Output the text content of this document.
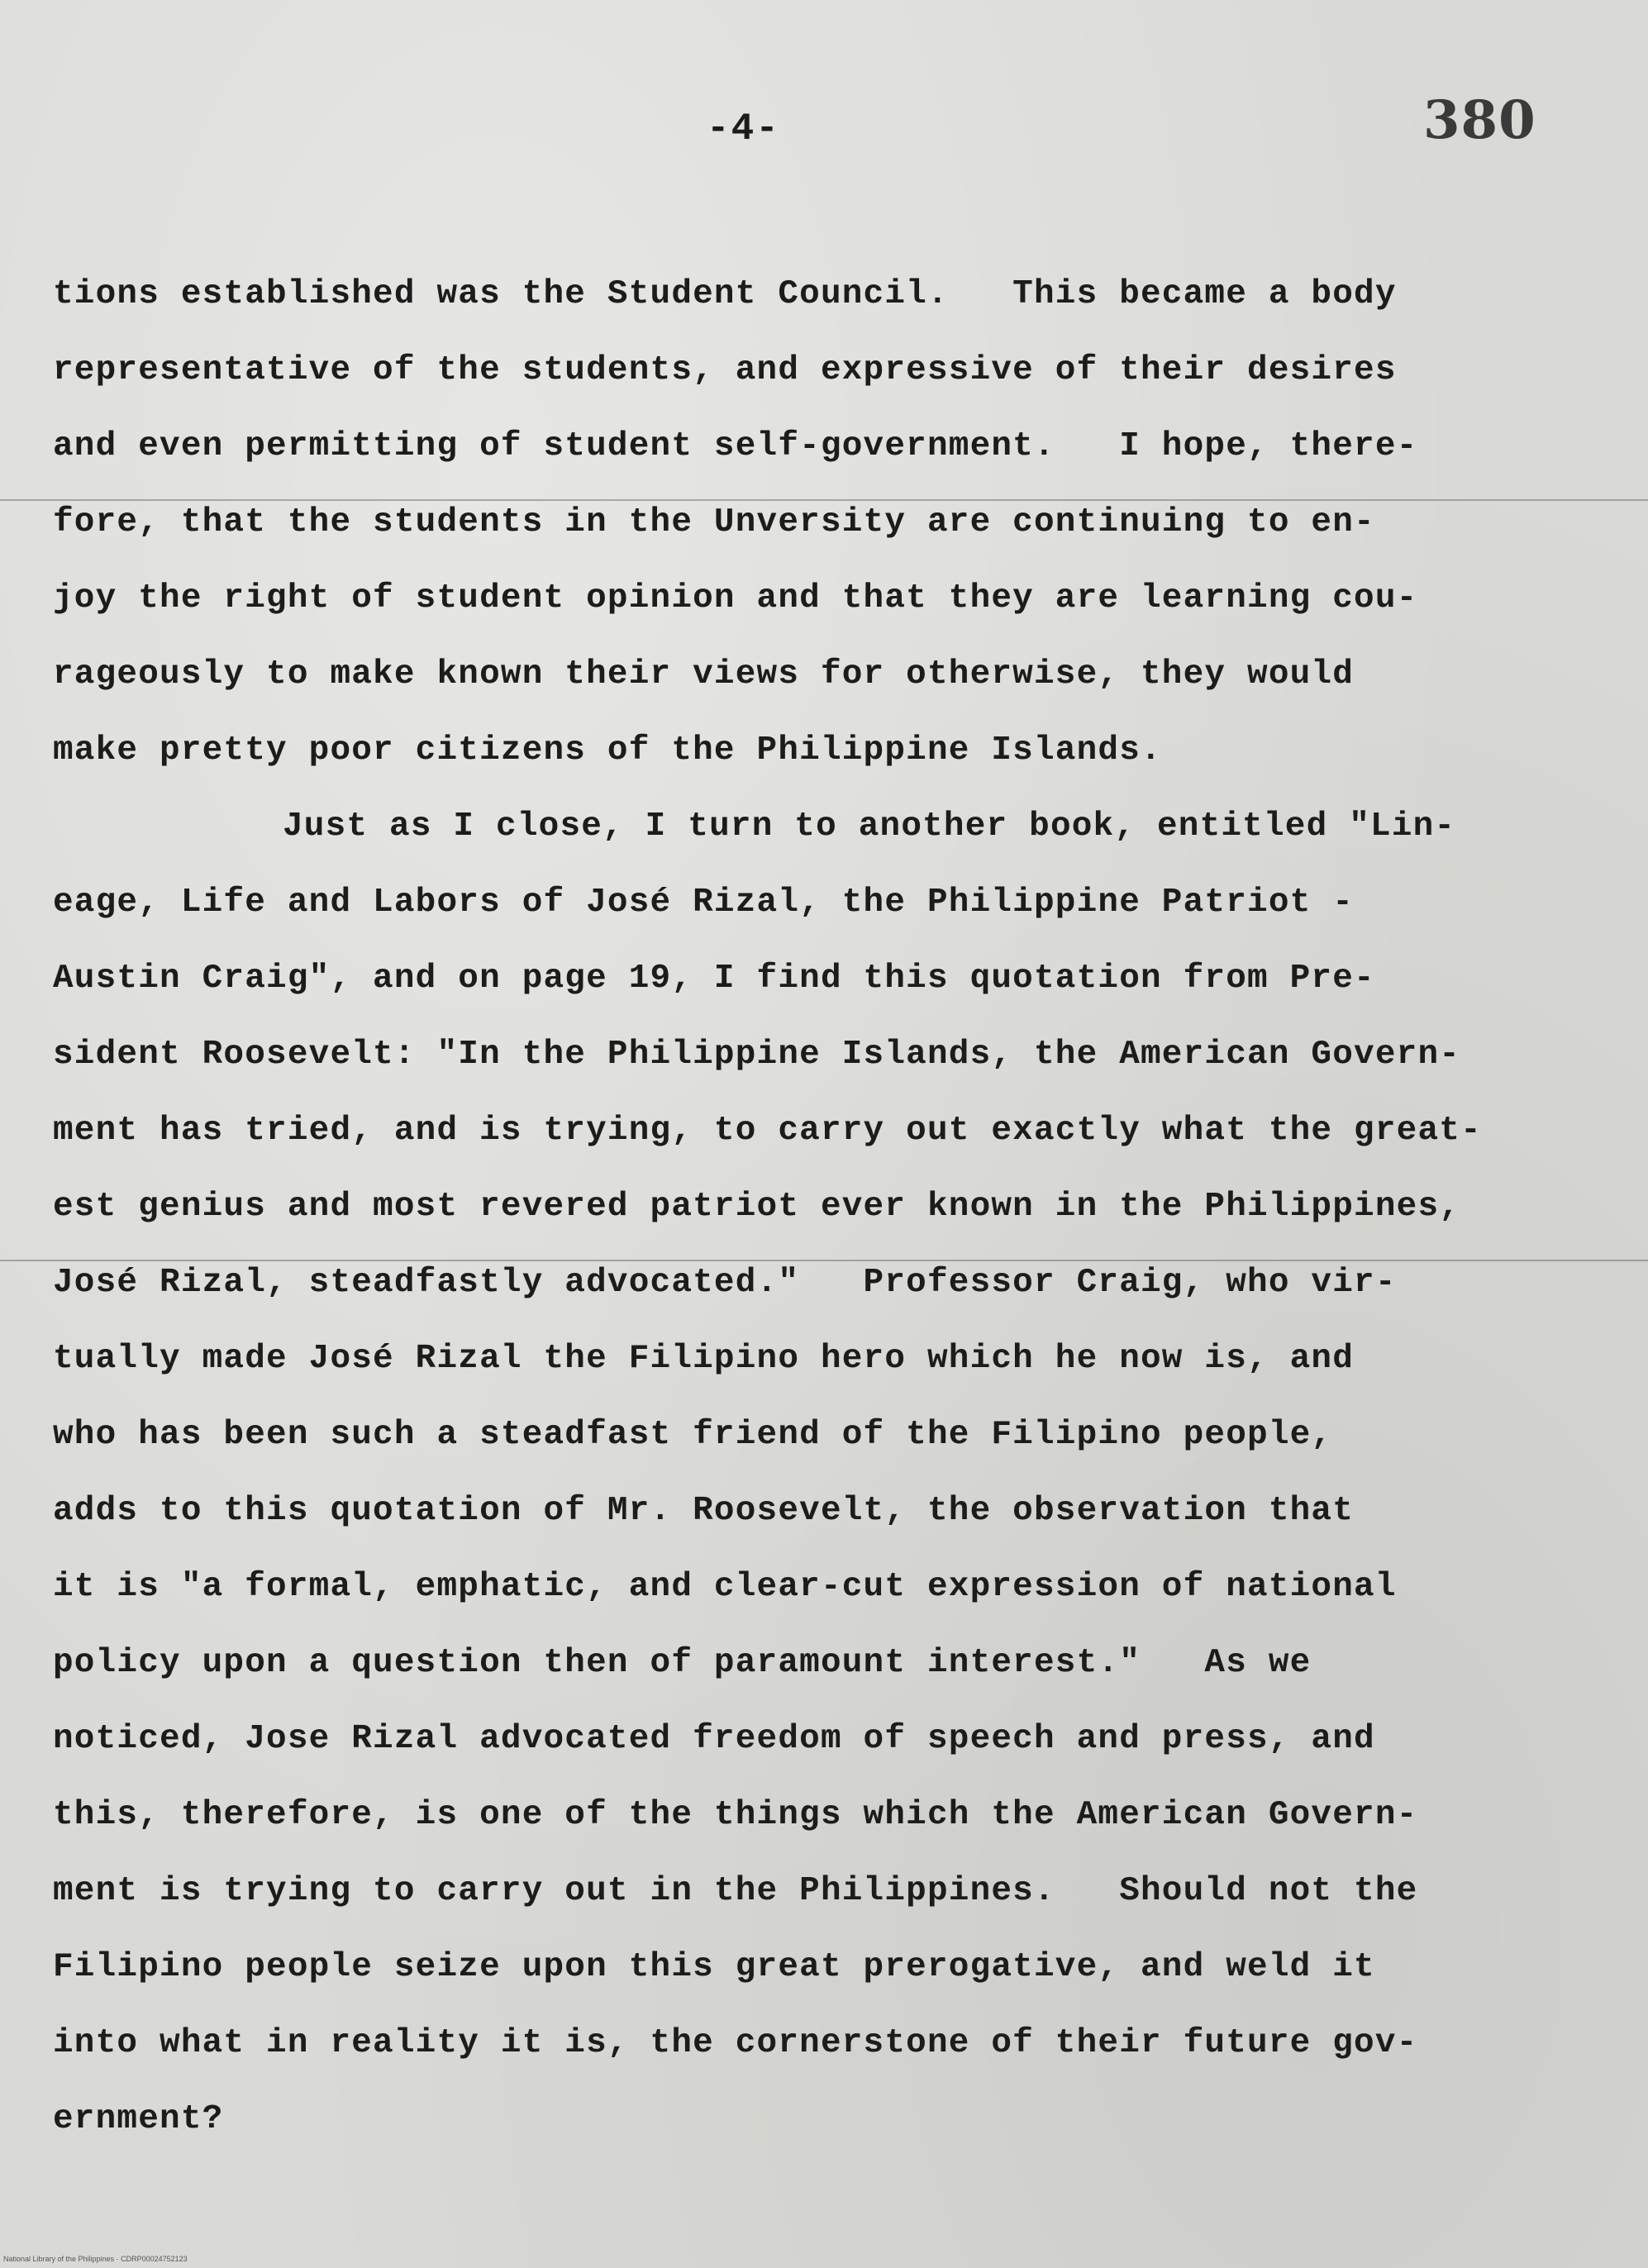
-4-	380
tions established was the Student Council.   This became a body
representative of the students, and expressive of their desires
and even permitting of student self-government.   I hope, there-
fore, that the students in the Unversity are continuing to en-
joy the right of student opinion and that they are learning cou-
rageously to make known their views for otherwise, they would
make pretty poor citizens of the Philippine Islands.
Just as I close, I turn to another book, entitled "Lin-
eage, Life and Labors of José Rizal, the Philippine Patriot -
Austin Craig", and on page 19, I find this quotation from Pre-
sident Roosevelt: "In the Philippine Islands, the American Govern-
ment has tried, and is trying, to carry out exactly what the great-
est genius and most revered patriot ever known in the Philippines,
José Rizal, steadfastly advocated."   Professor Craig, who vir-
tually made José Rizal the Filipino hero which he now is, and
who has been such a steadfast friend of the Filipino people,
adds to this quotation of Mr. Roosevelt, the observation that
it is "a formal, emphatic, and clear-cut expression of national
policy upon a question then of paramount interest."   As we
noticed, Jose Rizal advocated freedom of speech and press, and
this, therefore, is one of the things which the American Govern-
ment is trying to carry out in the Philippines.   Should not the
Filipino people seize upon this great prerogative, and weld it
into what in reality it is, the cornerstone of their future gov-
ernment?
National Library of the Philippines · CDRP00024752123
